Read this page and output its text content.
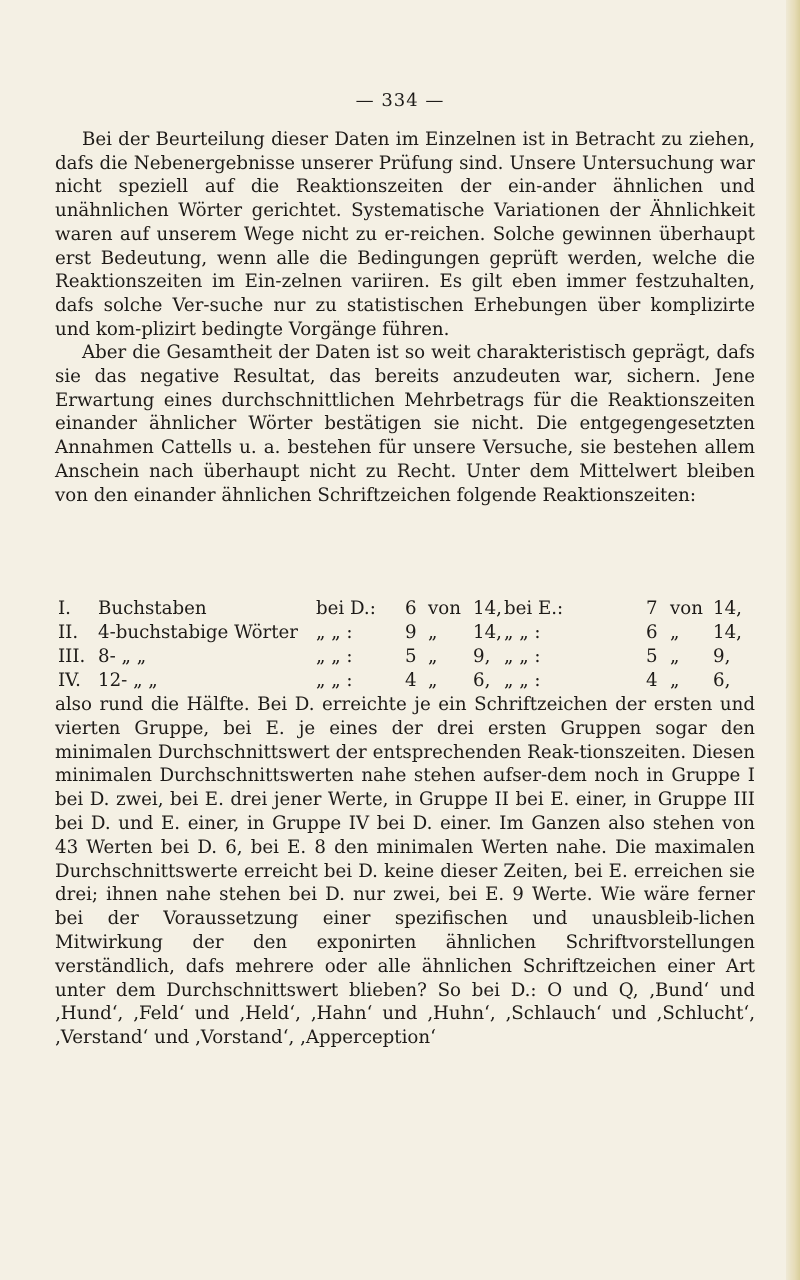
— 334 —

Bei der Beurteilung dieser Daten im Einzelnen ist in Betracht zu ziehen, dafs die Nebenergebnisse unserer Prüfung sind. Unsere Untersuchung war nicht speziell auf die Reaktionszeiten der ein-ander ähnlichen und unähnlichen Wörter gerichtet. Systematische Variationen der Ähnlichkeit waren auf unserem Wege nicht zu er-reichen. Solche gewinnen überhaupt erst Bedeutung, wenn alle die Bedingungen geprüft werden, welche die Reaktionszeiten im Ein-zelnen variiren. Es gilt eben immer festzuhalten, dafs solche Ver-suche nur zu statistischen Erhebungen über komplizirte und kom-plizirt bedingte Vorgänge führen.

Aber die Gesamtheit der Daten ist so weit charakteristisch geprägt, dafs sie das negative Resultat, das bereits anzudeuten war, sichern. Jene Erwartung eines durchschnittlichen Mehrbetrags für die Reaktionszeiten einander ähnlicher Wörter bestätigen sie nicht. Die entgegengesetzten Annahmen Cattells u. a. bestehen für unsere Versuche, sie bestehen allem Anschein nach überhaupt nicht zu Recht. Unter dem Mittelwert bleiben von den einander ähnlichen Schriftzeichen folgende Reaktionszeiten:

I. Buchstaben	bei D.: 6 von 14, bei E.:	7 von 14,
II. 4-buchstabige Wörter „ „ :	9 „ 14, „ „ :	6 „ 14,
III. 8- „ „	„ „ :	5 „ 9, „ „ :	5 „ 9,
IV. 12- „ „	„ „ :	4 „ 6, „ „ :	4 „ 6,

also rund die Hälfte. Bei D. erreichte je ein Schriftzeichen der ersten und vierten Gruppe, bei E. je eines der drei ersten Gruppen sogar den minimalen Durchschnittswert der entsprechenden Reak-tionszeiten. Diesen minimalen Durchschnittswerten nahe stehen aufser-dem noch in Gruppe I bei D. zwei, bei E. drei jener Werte, in Gruppe II bei E. einer, in Gruppe III bei D. und E. einer, in Gruppe IV bei D. einer. Im Ganzen also stehen von 43 Werten bei D. 6, bei E. 8 den minimalen Werten nahe. Die maximalen Durchschnittswerte erreicht bei D. keine dieser Zeiten, bei E. erreichen sie drei; ihnen nahe stehen bei D. nur zwei, bei E. 9 Werte. Wie wäre ferner bei der Voraussetzung einer spezifischen und unausbleib-lichen Mitwirkung der den exponirten ähnlichen Schriftvorstellungen verständlich, dafs mehrere oder alle ähnlichen Schriftzeichen einer Art unter dem Durchschnittswert blieben? So bei D.: O und Q, ‚Bund‘ und ‚Hund‘, ‚Feld‘ und ‚Held‘, ‚Hahn‘ und ‚Huhn‘, ‚Schlauch‘ und ‚Schlucht‘, ‚Verstand‘ und ‚Vorstand‘, ‚Apperception‘
